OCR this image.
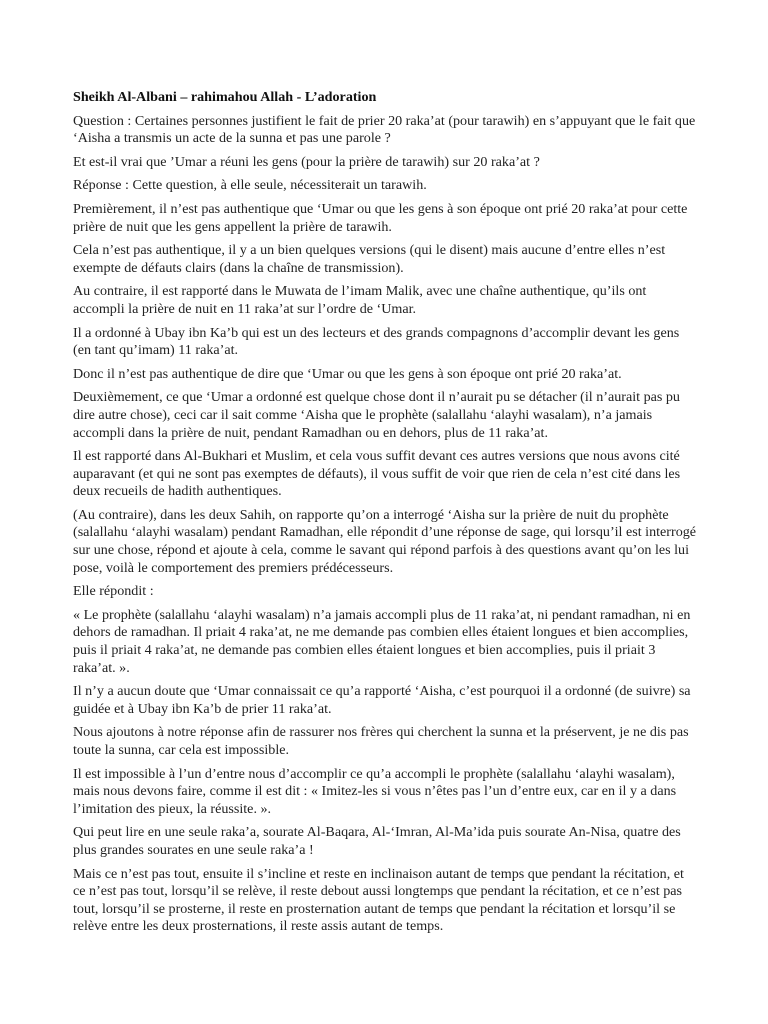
Sheikh Al-Albani – rahimahou Allah - L’adoration
Question : Certaines personnes justifient le fait de prier 20 raka’at (pour tarawih) en s’appuyant que le fait que ‘Aisha a transmis un acte de la sunna et pas une parole ?
Et est-il vrai que ’Umar a réuni les gens (pour la prière de tarawih) sur 20 raka’at ?
Réponse : Cette question, à elle seule, nécessiterait un tarawih.
Premièrement, il n’est pas authentique que ‘Umar ou que les gens à son époque ont prié 20 raka’at pour cette prière de nuit que les gens appellent la prière de tarawih.
Cela n’est pas authentique, il y a un bien quelques versions (qui le disent) mais aucune d’entre elles n’est exempte de défauts clairs (dans la chaîne de transmission).
Au contraire, il est rapporté dans le Muwata de l’imam Malik, avec une chaîne authentique, qu’ils ont accompli la prière de nuit en 11 raka’at sur l’ordre de ‘Umar.
Il a ordonné à Ubay ibn Ka’b qui est un des lecteurs et des grands compagnons d’accomplir devant les gens (en tant qu’imam) 11 raka’at.
Donc il n’est pas authentique de dire que ‘Umar ou que les gens à son époque ont prié 20 raka’at.
Deuxièmement, ce que ‘Umar a ordonné est quelque chose dont il n’aurait pu se détacher (il n’aurait pas pu dire autre chose), ceci car il sait comme ‘Aisha que le prophète (salallahu ‘alayhi wasalam), n’a jamais accompli dans la prière de nuit, pendant Ramadhan ou en dehors, plus de 11 raka’at.
Il est rapporté dans Al-Bukhari et Muslim, et cela vous suffit devant ces autres versions que nous avons cité auparavant (et qui ne sont pas exemptes de défauts), il vous suffit de voir que rien de cela n’est cité dans les deux recueils de hadith authentiques.
(Au contraire), dans les deux Sahih, on rapporte qu’on a interrogé ‘Aisha sur la prière de nuit du prophète (salallahu ‘alayhi wasalam) pendant Ramadhan, elle répondit d’une réponse de sage, qui lorsqu’il est interrogé sur une chose, répond et ajoute à cela, comme le savant qui répond parfois à des questions avant qu’on les lui pose, voilà le comportement des premiers prédécesseurs.
Elle répondit :
« Le prophète (salallahu ‘alayhi wasalam) n’a jamais accompli plus de 11 raka’at, ni pendant ramadhan, ni en dehors de ramadhan. Il priait 4 raka’at, ne me demande pas combien elles étaient longues et bien accomplies, puis il priait 4 raka’at, ne demande pas combien elles étaient longues et bien accomplies, puis il priait 3 raka’at. ».
Il n’y a aucun doute que ‘Umar connaissait ce qu’a rapporté ‘Aisha, c’est pourquoi il a ordonné (de suivre) sa guidée et à Ubay ibn Ka’b de prier 11 raka’at.
Nous ajoutons à notre réponse afin de rassurer nos frères qui cherchent la sunna et la préservent, je ne dis pas toute la sunna, car cela est impossible.
Il est impossible à l’un d’entre nous d’accomplir ce qu’a accompli le prophète (salallahu ‘alayhi wasalam), mais nous devons faire, comme il est dit : « Imitez-les si vous n’êtes pas l’un d’entre eux, car en il y a dans l’imitation des pieux, la réussite. ».
Qui peut lire en une seule raka’a, sourate Al-Baqara, Al-‘Imran, Al-Ma’ida puis sourate An-Nisa, quatre des plus grandes sourates en une seule raka’a !
Mais ce n’est pas tout, ensuite il s’incline et reste en inclinaison autant de temps que pendant la récitation, et ce n’est pas tout, lorsqu’il se relève, il reste debout aussi longtemps que pendant la récitation, et ce n’est pas tout, lorsqu’il se prosterne, il reste en prosternation autant de temps que pendant la récitation et lorsqu’il se relève entre les deux prosternations, il reste assis autant de temps.
